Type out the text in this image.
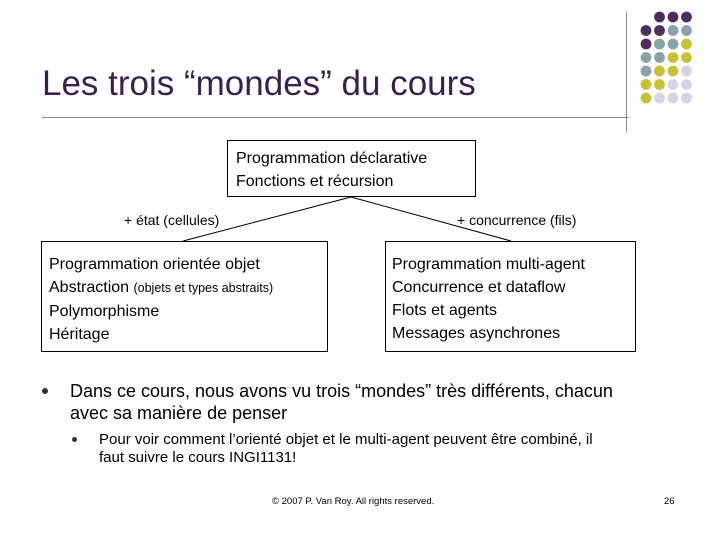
Les trois “mondes” du cours
Programmation déclarative
Fonctions et récursion
+ état (cellules)	+ concurrence (fils)
Programmation orientée objet
Abstraction (objets et types abstraits)
Polymorphisme
Héritage
Programmation multi-agent
Concurrence et dataflow
Flots et agents
Messages asynchrones
Dans ce cours, nous avons vu trois “mondes” très différents, chacun avec sa manière de penser
Pour voir comment l’orienté objet et le multi-agent peuvent être combiné, il faut suivre le cours INGI1131!
© 2007 P. Van Roy. All rights reserved.	26
